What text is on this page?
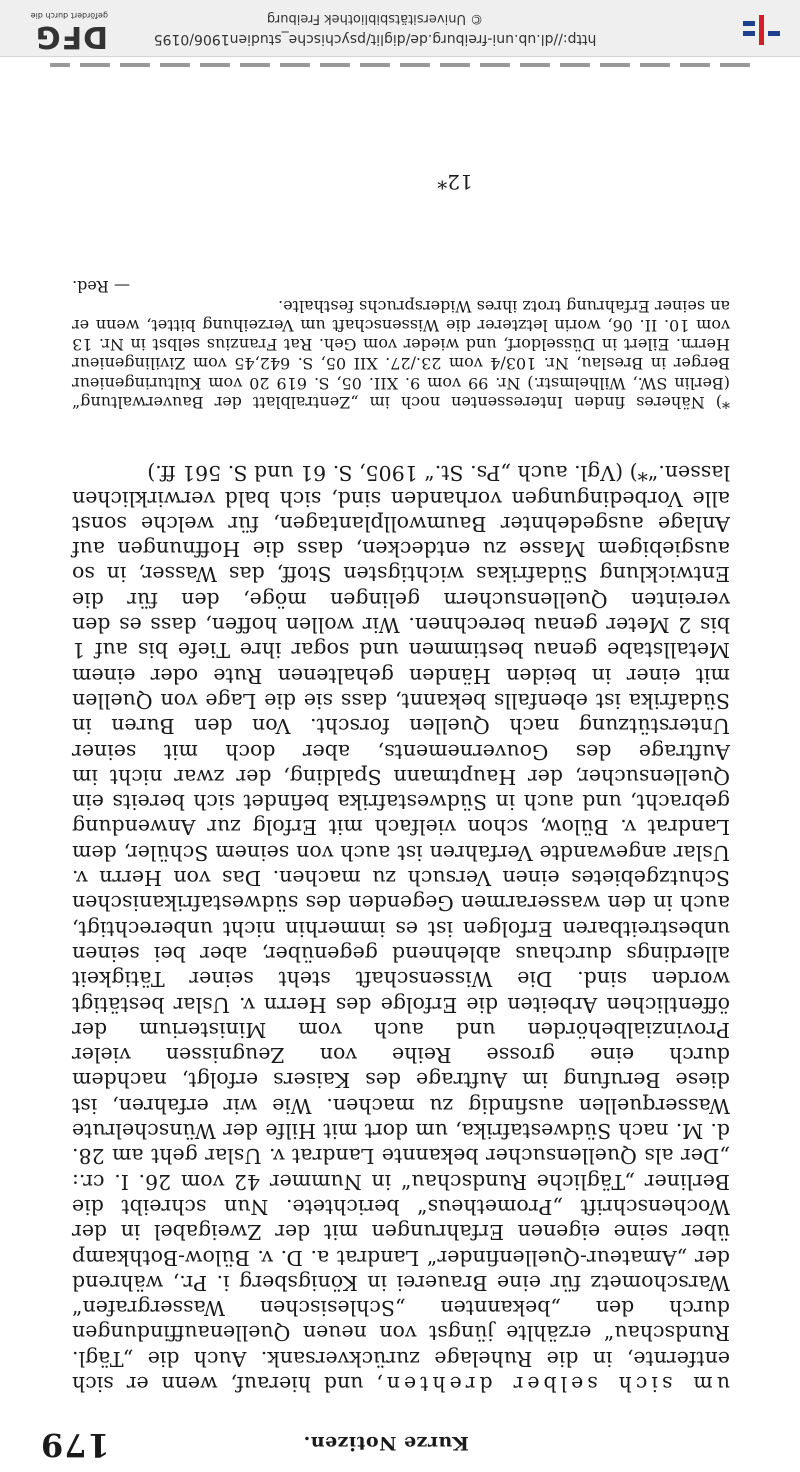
179	Kurze Notizen.

um sich selber drehten, und hierauf, wenn er sich entfernte, in die Ruhelage zurückversank. Auch die „Tägl. Rundschau“ erzählte jüngst von neuen Quellenauffindungen durch den „bekannten „Schlesischen Wassergrafen“ Warschometz für eine Brauerei in Königsberg i. Pr., während der „Amateur-Quellenfinder“ Landrat a. D. v. Bülow-Bothkamp über seine eigenen Erfahrungen mit der Zweigabel in der Wochenschrift „Prometheus“ berichtete. Nun schreibt die Berliner „Tägliche Rundschau“ in Nummer 42 vom 26. I. cr.: „Der als Quellensucher bekannte Landrat v. Uslar geht am 28. d. M. nach Südwestafrika, um dort mit Hilfe der Wünschelrute Wasserquellen ausfindig zu machen. Wie wir erfahren, ist diese Berufung im Auftrage des Kaisers erfolgt, nachdem durch eine grosse Reihe von Zeugnissen vieler Provinzialbehörden und auch vom Ministerium der öffentlichen Arbeiten die Erfolge des Herrn v. Uslar bestätigt worden sind. Die Wissenschaft steht seiner Tätigkeit allerdings durchaus ablehnend gegenüber, aber bei seinen unbestreitbaren Erfolgen ist es immerhin nicht unberechtigt, auch in den wasserarmen Gegenden des südwestafrikanischen Schutzgebietes einen Versuch zu machen. Das von Herrn v. Uslar angewandte Verfahren ist auch von seinem Schüler, dem Landrat v. Bülow, schon vielfach mit Erfolg zur Anwendung gebracht, und auch in Südwestafrika befindet sich bereits ein Quellensucher, der Hauptmann Spalding, der zwar nicht im Auftrage des Gouvernements, aber doch mit seiner Unterstützung nach Quellen forscht. Von den Buren in Südafrika ist ebenfalls bekannt, dass sie die Lage von Quellen mit einer in beiden Händen gehaltenen Rute oder einem Metallstabe genau bestimmen und sogar ihre Tiefe bis auf 1 bis 2 Meter genau berechnen. Wir wollen hoffen, dass es den vereinten Quellensuchern gelingen möge, den für die Entwicklung Südafrikas wichtigsten Stoff, das Wasser, in so ausgiebigem Masse zu entdecken, dass die Hoffnungen auf Anlage ausgedehnter Baumwollplantagen, für welche sonst alle Vorbedingungen vorhanden sind, sich bald verwirklichen lassen.“*) (Vgl. auch „Ps. St.“ 1905, S. 61 und S. 561 ff.)

*) Näheres finden Interessenten noch im „Zentralblatt der Bauverwaltung“ (Berlin SW., Wilhelmstr.) Nr. 99 vom 9. XII. 05, S. 619 20 vom Kulturingenieur Berger in Breslau, Nr. 103/4 vom 23./27. XII 05, S. 642,45 vom Zivilingenieur Herrn. Eilert in Düsseldorf, und wieder vom Geh. Rat Franzius selbst in Nr. 13 vom 10. II. 06, worin letzterer die Wissenschaft um Verzeihung bittet, wenn er an seiner Erfahrung trotz ihres Widerspruchs festhalte.

— Red.

12*
http://dl.ub.uni-freiburg.de/diglit/psychische_studien1906/0195
© Universitätsbibliothek Freiburg
DFG
gefördert durch die
